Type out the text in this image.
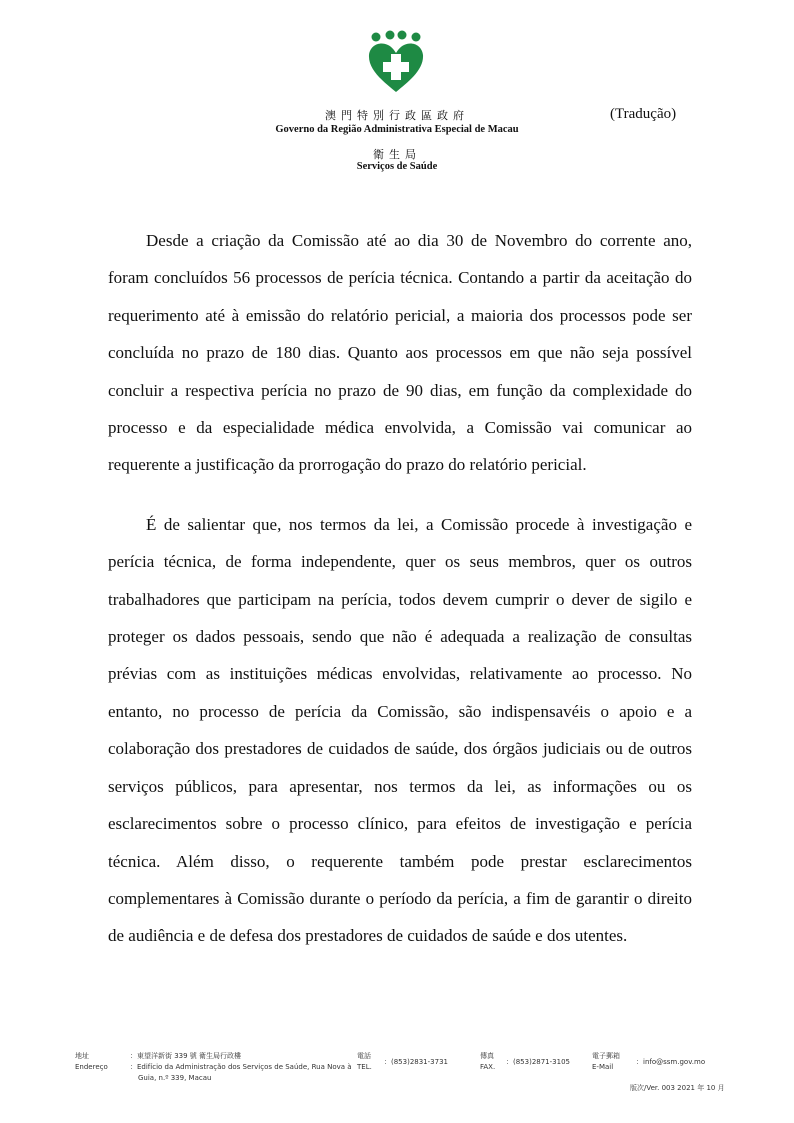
澳門特別行政區政府
Governo da Região Administrativa Especial de Macau
衛生局
Serviços de Saúde
(Tradução)

Desde a criação da Comissão até ao dia 30 de Novembro do corrente ano, foram concluídos 56 processos de perícia técnica. Contando a partir da aceitação do requerimento até à emissão do relatório pericial, a maioria dos processos pode ser concluída no prazo de 180 dias. Quanto aos processos em que não seja possível concluir a respectiva perícia no prazo de 90 dias, em função da complexidade do processo e da especialidade médica envolvida, a Comissão vai comunicar ao requerente a justificação da prorrogação do prazo do relatório pericial.

É de salientar que, nos termos da lei, a Comissão procede à investigação e perícia técnica, de forma independente, quer os seus membros, quer os outros trabalhadores que participam na perícia, todos devem cumprir o dever de sigilo e proteger os dados pessoais, sendo que não é adequada a realização de consultas prévias com as instituições médicas envolvidas, relativamente ao processo. No entanto, no processo de perícia da Comissão, são indispensavéis o apoio e a colaboração dos prestadores de cuidados de saúde, dos órgãos judiciais ou de outros serviços públicos, para apresentar, nos termos da lei, as informações ou os esclarecimentos sobre o processo clínico, para efeitos de investigação e perícia técnica. Além disso, o requerente também pode prestar esclarecimentos complementares à Comissão durante o período da perícia, a fim de garantir o direito de audiência e de defesa dos prestadores de cuidados de saúde e dos utentes.

地址
Endereço
：東望洋新街 339 號 衛生局行政樓
：Edifício da Administração dos Serviços de Saúde, Rua Nova à
Guia, n.º 339, Macau
電話
TEL.
：(853)2831-3731
傳真
FAX.
：(853)2871-3105
電子郵箱
E-Mail
：info@ssm.gov.mo
版次/Ver. 003 2021 年 10 月
